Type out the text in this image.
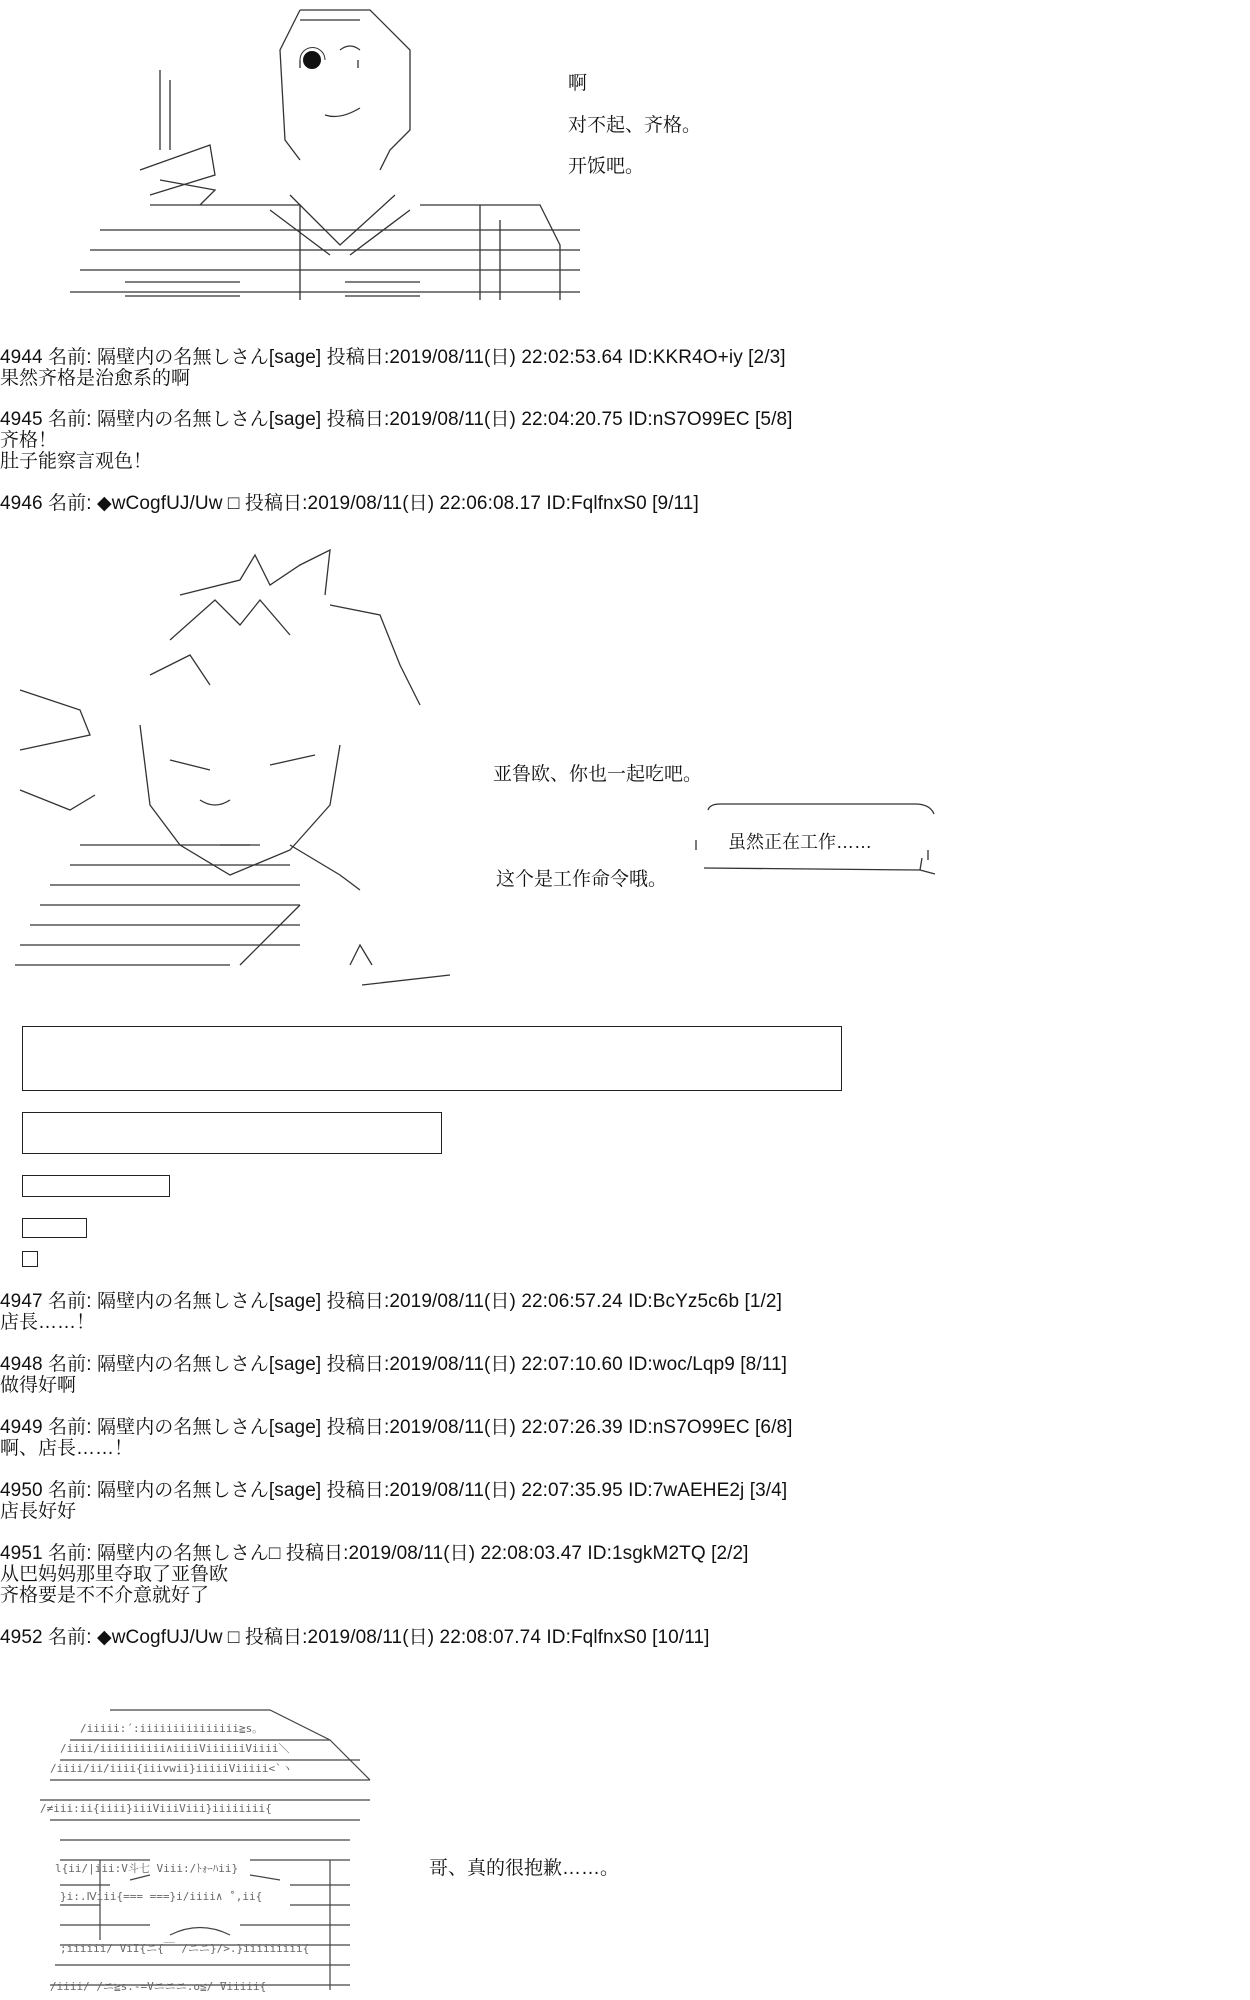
啊
对不起、齐格。
开饭吧。
4944 名前: 隔壁内の名無しさん[sage] 投稿日:2019/08/11(日) 22:02:53.64 ID:KKR4O+iy [2/3]
果然齐格是治愈系的啊
4945 名前: 隔壁内の名無しさん[sage] 投稿日:2019/08/11(日) 22:04:20.75 ID:nS7O99EC [5/8]
齐格！
肚子能察言观色！
4946 名前: ◆wCogfUJ/Uw □ 投稿日:2019/08/11(日) 22:06:08.17 ID:FqlfnxS0 [9/11]
亚鲁欧、你也一起吃吧。
虽然正在工作……
这个是工作命令哦。
4947 名前: 隔壁内の名無しさん[sage] 投稿日:2019/08/11(日) 22:06:57.24 ID:BcYz5c6b [1/2]
店長……！
4948 名前: 隔壁内の名無しさん[sage] 投稿日:2019/08/11(日) 22:07:10.60 ID:woc/Lqp9 [8/11]
做得好啊
4949 名前: 隔壁内の名無しさん[sage] 投稿日:2019/08/11(日) 22:07:26.39 ID:nS7O99EC [6/8]
啊、店長……！
4950 名前: 隔壁内の名無しさん[sage] 投稿日:2019/08/11(日) 22:07:35.95 ID:7wAEHE2j [3/4]
店長好好
4951 名前: 隔壁内の名無しさん□ 投稿日:2019/08/11(日) 22:08:03.47 ID:1sgkM2TQ [2/2]
从巴妈妈那里夺取了亚鲁欧
齐格要是不不介意就好了
4952 名前: ◆wCogfUJ/Uw □ 投稿日:2019/08/11(日) 22:08:07.74 ID:FqlfnxS0 [10/11]
/iiiii:´:iiiiiiiiiiiiiii≧s。
/iiii/iiiiiiiiii∧iiiiViiiiiiViiii＼
/iiii/ii/iiii{iiivwii}iiiiiViiiii<`ヽ
/≠iii:ii{iiii}iiiViiiViii}iiiiiiii{
l{ii/|iii:V斗七 Viii:/ﾄｫｰﾊii}
}i:.Ⅳiii{=== ===}i/iiii∧ ˚,ii{
;iiiiii/ ViI{ニ{￣ /ニニ}/>.}iiiiiiiii{
/iiii/ /ニ≧s.-=Vニニニ.o≦/ ̄Viiiii{
哥、真的很抱歉……。
